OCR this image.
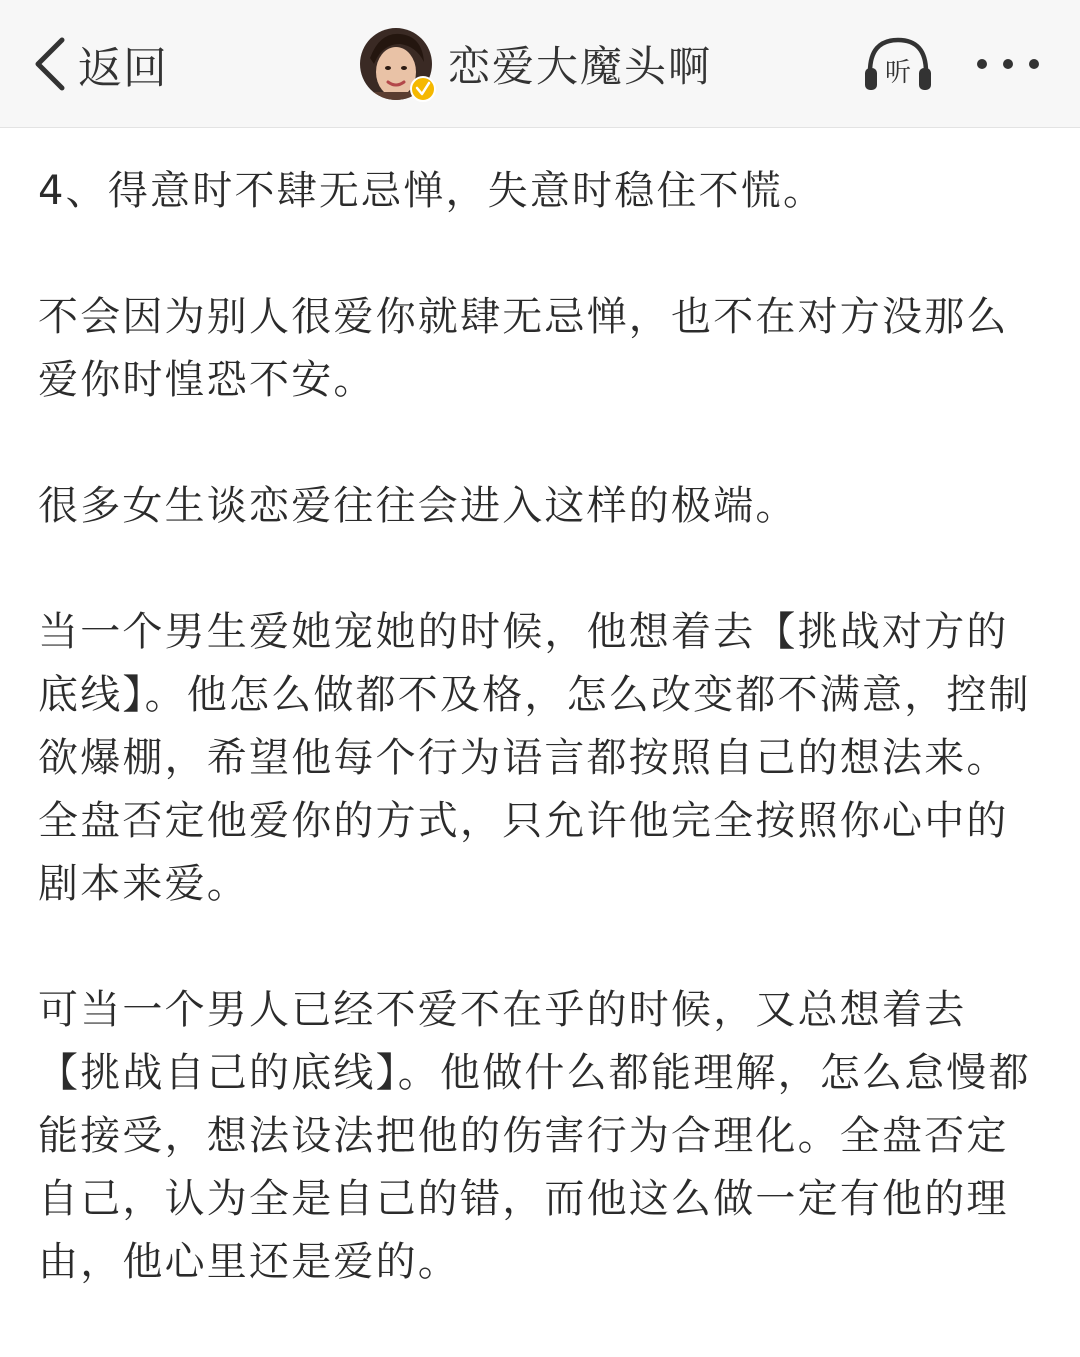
返回	恋爱大魔头啊	听

4、得意时不肆无忌惮，失意时稳住不慌。

不会因为别人很爱你就肆无忌惮，也不在对方没那么爱你时惶恐不安。

很多女生谈恋爱往往会进入这样的极端。

当一个男生爱她宠她的时候，他想着去【挑战对方的底线】。他怎么做都不及格，怎么改变都不满意，控制欲爆棚，希望他每个行为语言都按照自己的想法来。全盘否定他爱你的方式，只允许他完全按照你心中的剧本来爱。

可当一个男人已经不爱不在乎的时候，又总想着去【挑战自己的底线】。他做什么都能理解，怎么怠慢都能接受，想法设法把他的伤害行为合理化。全盘否定自己，认为全是自己的错，而他这么做一定有他的理由，他心里还是爱的。
